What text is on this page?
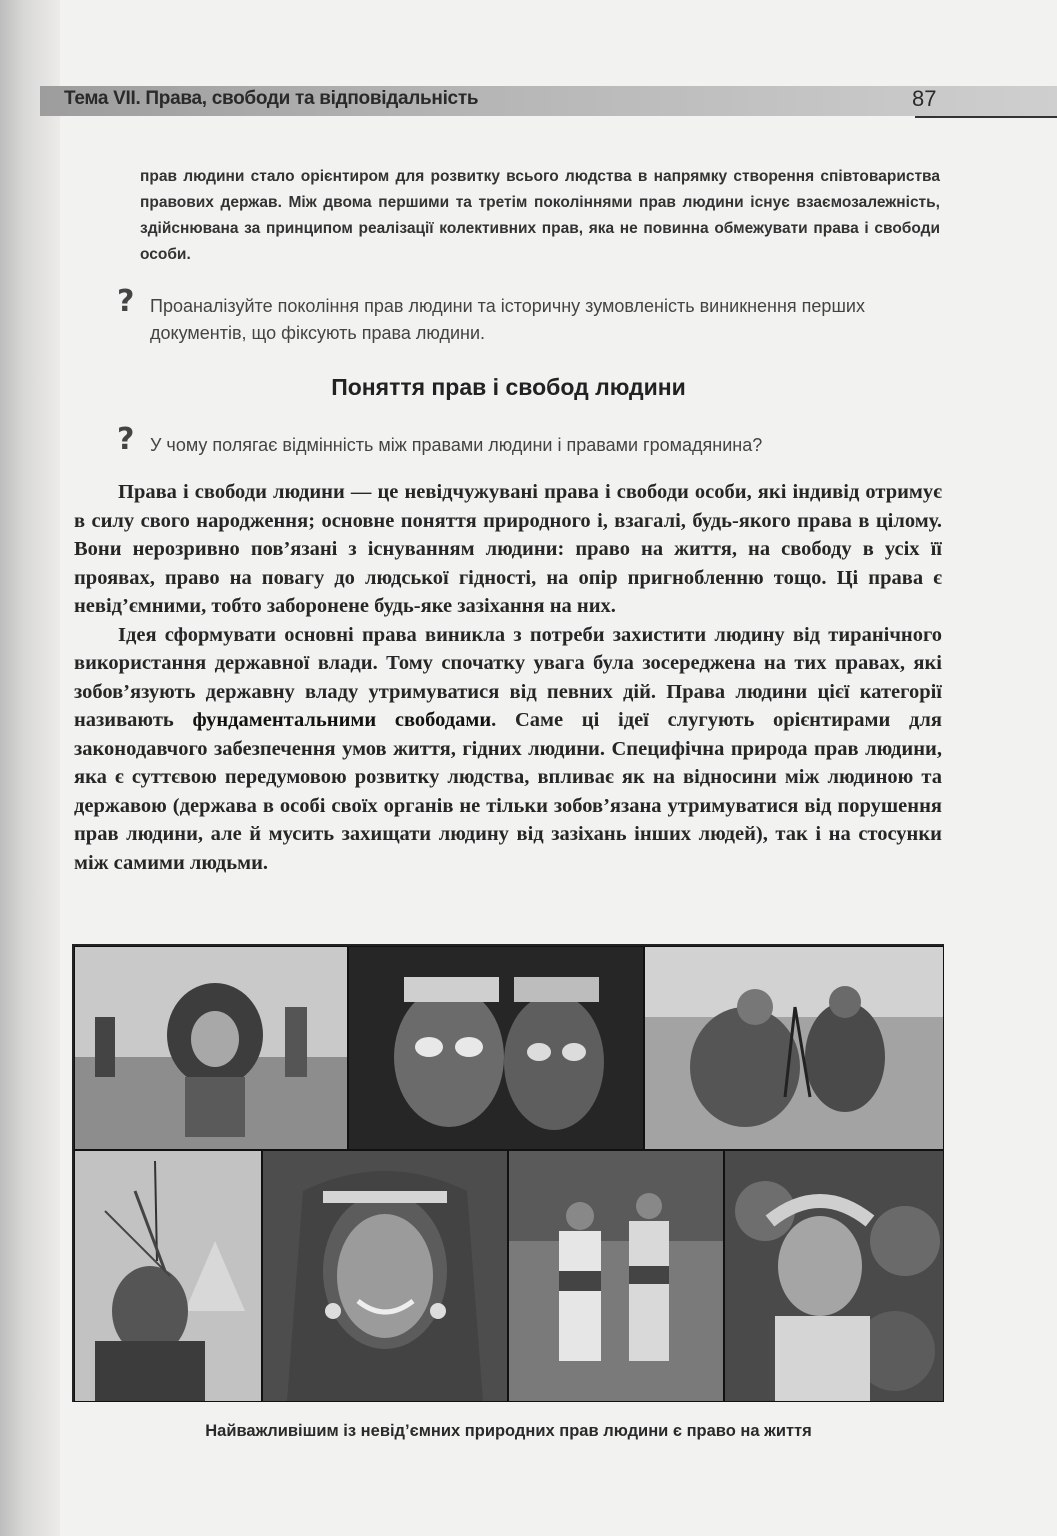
Тема VII. Права, свободи та відповідальність	87
прав людини стало орієнтиром для розвитку всього людства в напрямку створення співтовариства правових держав. Між двома першими та третім поколіннями прав людини існує взаємозалежність, здійснювана за принципом реалізації колективних прав, яка не повинна обмежувати права і свободи особи.
? Проаналізуйте покоління прав людини та історичну зумовленість виникнення перших документів, що фіксують права людини.
Поняття прав і свобод людини
? У чому полягає відмінність між правами людини і правами громадянина?

Права і свободи людини — це невідчужувані права і свободи особи, які індивід отримує в силу свого народження; основне поняття природного і, взагалі, будь-якого права в цілому. Вони нерозривно пов’язані з існуванням людини: право на життя, на свободу в усіх її проявах, право на повагу до людської гідності, на опір пригнобленню тощо. Ці права є невід’ємними, тобто заборонене будь-яке зазіхання на них.

Ідея сформувати основні права виникла з потреби захистити людину від тиранічного використання державної влади. Тому спочатку увага була зосереджена на тих правах, які зобов’язують державну владу утримуватися від певних дій. Права людини цієї категорії називають фундаментальними свободами. Саме ці ідеї слугують орієнтирами для законодавчого забезпечення умов життя, гідних людини. Специфічна природа прав людини, яка є суттєвою передумовою розвитку людства, впливає як на відносини між людиною та державою (держава в особі своїх органів не тільки зобов’язана утримуватися від порушення прав людини, але й мусить захищати людину від зазіхань інших людей), так і на стосунки між самими людьми.

Найважливішим із невід’ємних природних прав людини є право на життя
